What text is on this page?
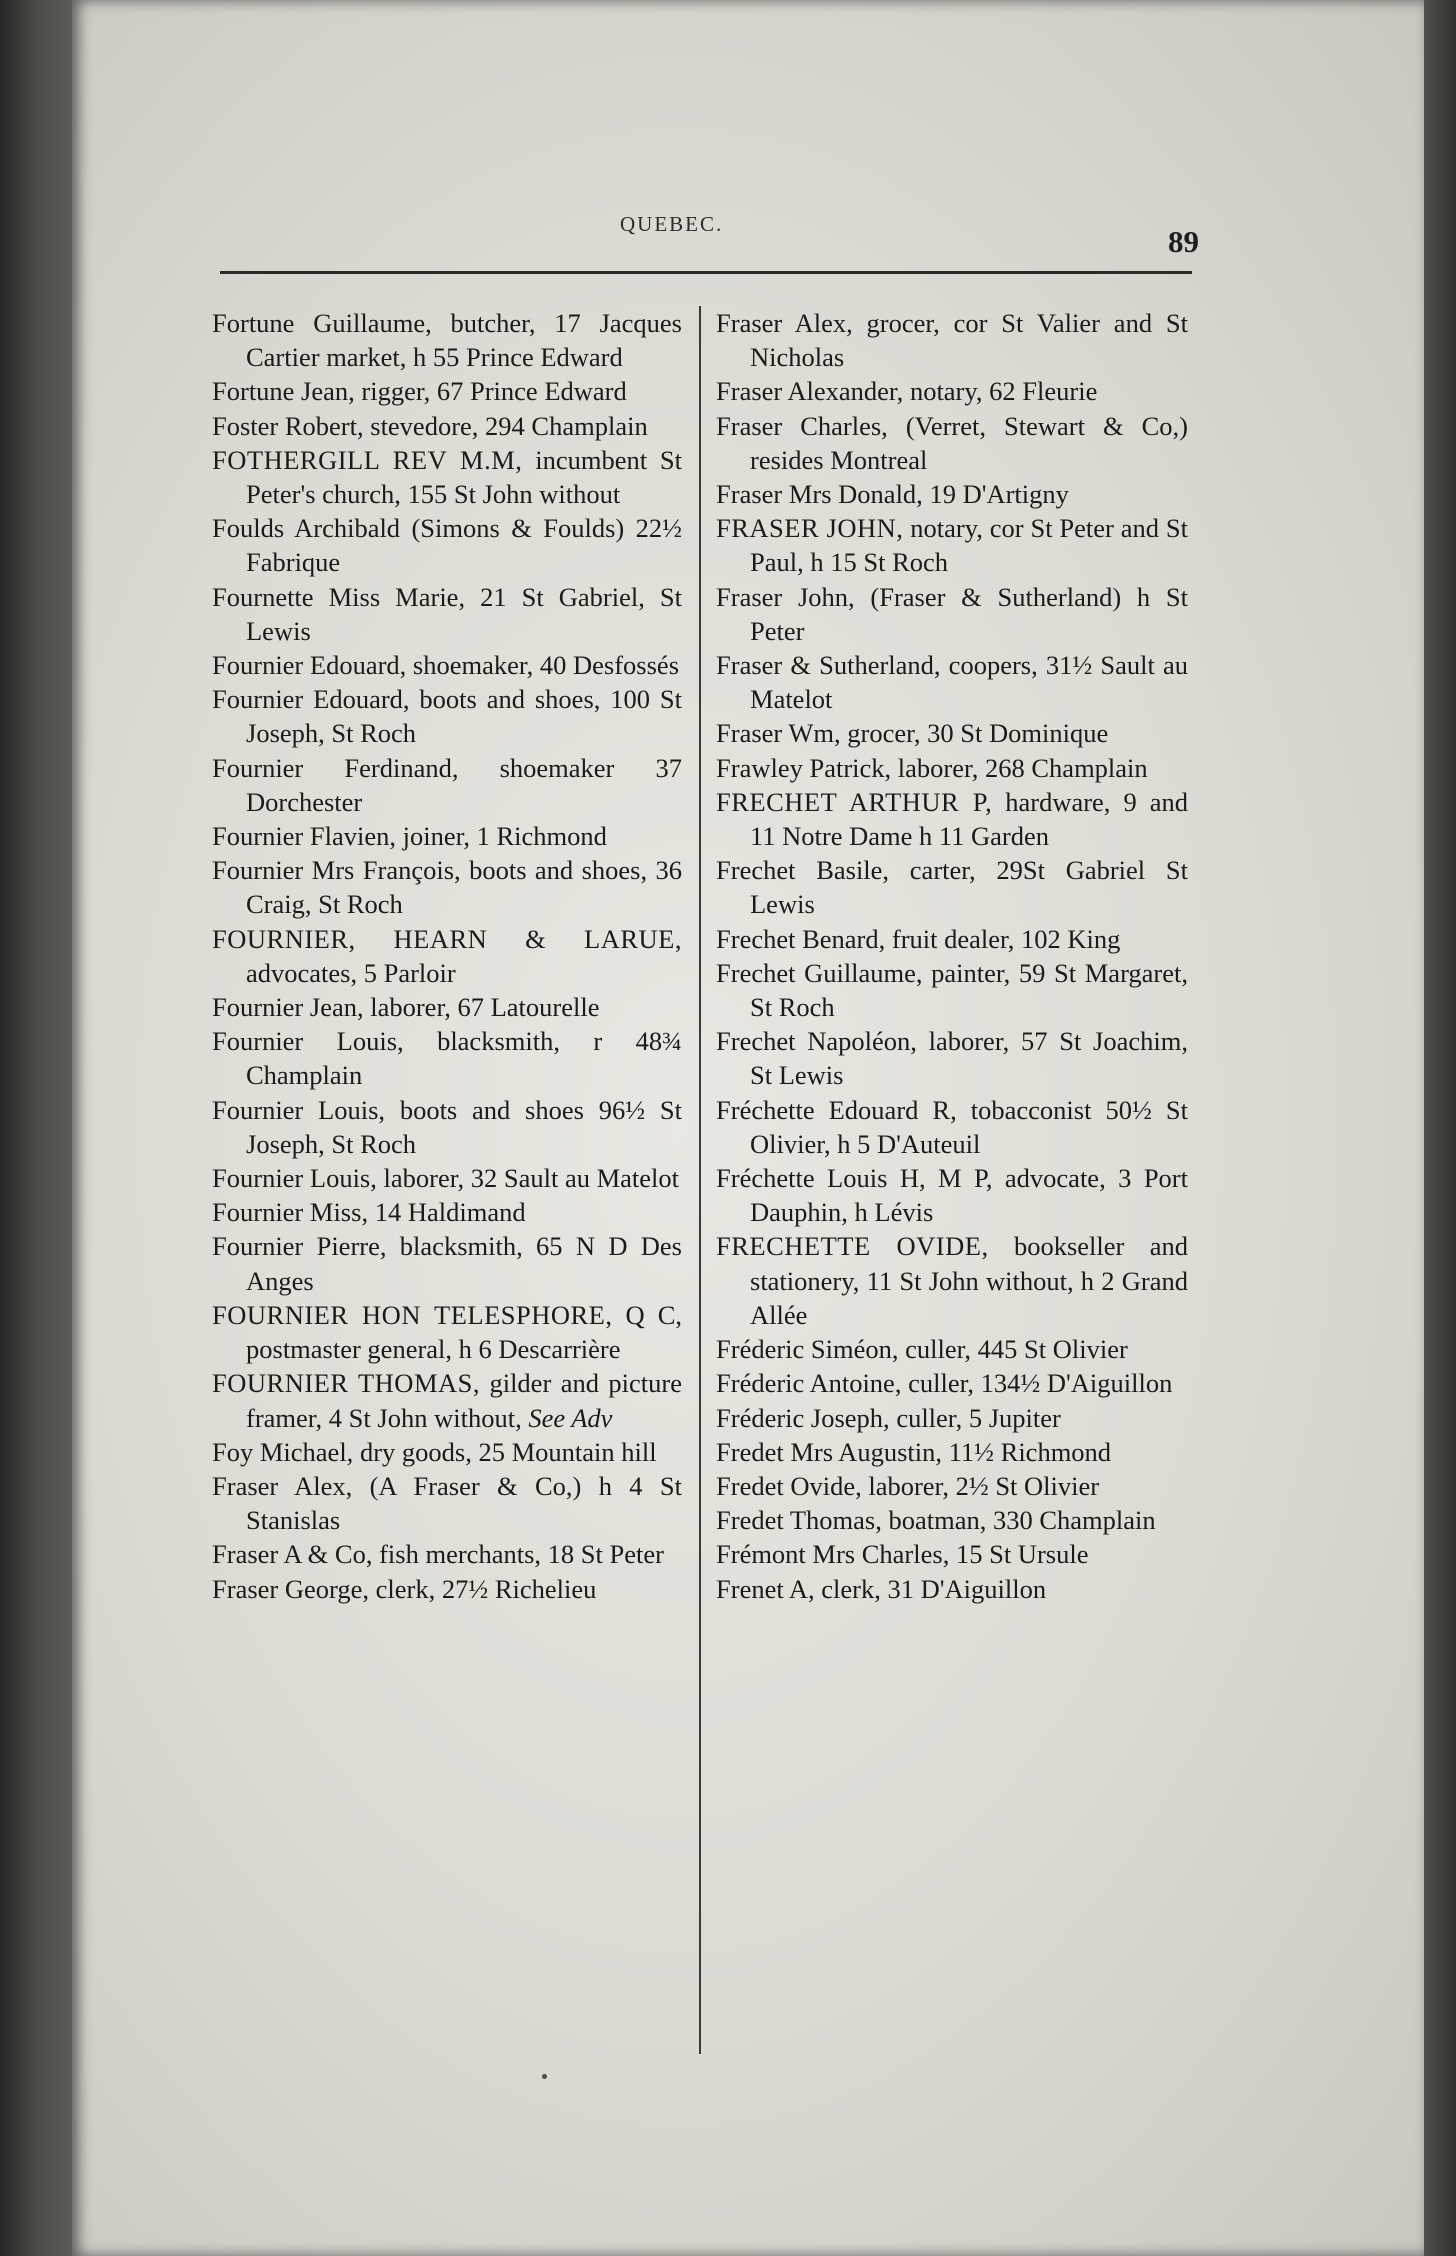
QUEBEC.	89

Fortune Guillaume, butcher, 17 Jacques Cartier market, h 55 Prince Edward

Fortune Jean, rigger, 67 Prince Edward

Foster Robert, stevedore, 294 Champlain

FOTHERGILL REV M.M, incumbent St Peter's church, 155 St John without

Foulds Archibald (Simons & Foulds) 22½ Fabrique

Fournette Miss Marie, 21 St Gabriel, St Lewis

Fournier Edouard, shoemaker, 40 Desfossés

Fournier Edouard, boots and shoes, 100 St Joseph, St Roch

Fournier Ferdinand, shoemaker 37 Dorchester

Fournier Flavien, joiner, 1 Richmond

Fournier Mrs François, boots and shoes, 36 Craig, St Roch

FOURNIER, HEARN & LARUE, advocates, 5 Parloir

Fournier Jean, laborer, 67 Latourelle

Fournier Louis, blacksmith, r 48¾ Champlain

Fournier Louis, boots and shoes 96½ St Joseph, St Roch

Fournier Louis, laborer, 32 Sault au Matelot

Fournier Miss, 14 Haldimand

Fournier Pierre, blacksmith, 65 N D Des Anges

FOURNIER HON TELESPHORE, Q C, postmaster general, h 6 Descarrière

FOURNIER THOMAS, gilder and picture framer, 4 St John without, See Adv

Foy Michael, dry goods, 25 Mountain hill

Fraser Alex, (A Fraser & Co,) h 4 St Stanislas

Fraser A & Co, fish merchants, 18 St Peter

Fraser George, clerk, 27½ Richelieu

Fraser Alex, grocer, cor St Valier and St Nicholas

Fraser Alexander, notary, 62 Fleurie

Fraser Charles, (Verret, Stewart & Co,) resides Montreal

Fraser Mrs Donald, 19 D'Artigny

FRASER JOHN, notary, cor St Peter and St Paul, h 15 St Roch

Fraser John, (Fraser & Sutherland) h St Peter

Fraser & Sutherland, coopers, 31½ Sault au Matelot

Fraser Wm, grocer, 30 St Dominique

Frawley Patrick, laborer, 268 Champlain

FRECHET ARTHUR P, hardware, 9 and 11 Notre Dame h 11 Garden

Frechet Basile, carter, 29St Gabriel St Lewis

Frechet Benard, fruit dealer, 102 King

Frechet Guillaume, painter, 59 St Margaret, St Roch

Frechet Napoléon, laborer, 57 St Joachim, St Lewis

Fréchette Edouard R, tobacconist 50½ St Olivier, h 5 D'Auteuil

Fréchette Louis H, M P, advocate, 3 Port Dauphin, h Lévis

FRECHETTE OVIDE, bookseller and stationery, 11 St John without, h 2 Grand Allée

Fréderic Siméon, culler, 445 St Olivier

Fréderic Antoine, culler, 134½ D'Aiguillon

Fréderic Joseph, culler, 5 Jupiter

Fredet Mrs Augustin, 11½ Richmond

Fredet Ovide, laborer, 2½ St Olivier

Fredet Thomas, boatman, 330 Champlain

Frémont Mrs Charles, 15 St Ursule

Frenet A, clerk, 31 D'Aiguillon
